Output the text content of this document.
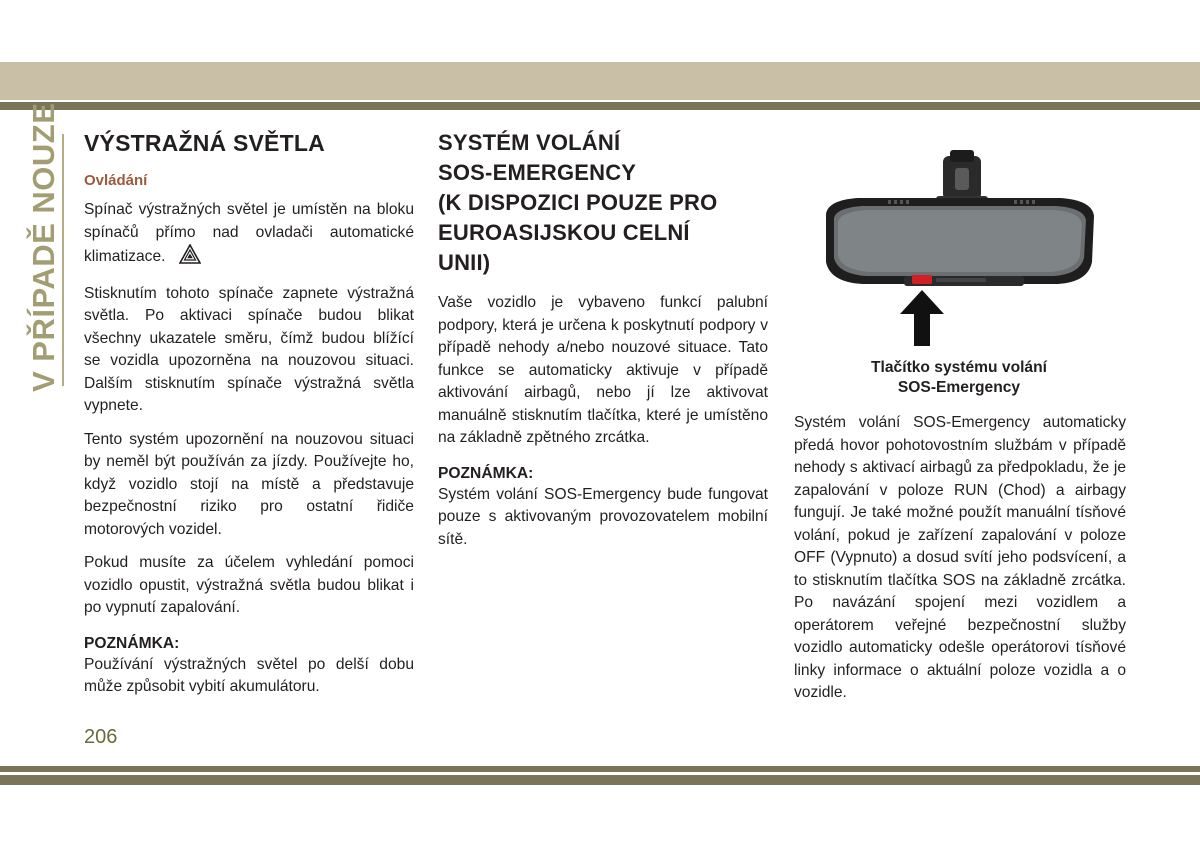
V PŘÍPADĚ NOUZE VÝSTRAŽNÁ SVĚTLA
Ovládání

Spínač výstražných světel je umístěn na bloku spínačů přímo nad ovladači automatické klimatizace.

Stisknutím tohoto spínače zapnete výstražná světla. Po aktivaci spínače budou blikat všechny ukazatele směru, čímž budou blížící se vozidla upozorněna na nouzovou situaci. Dalším stisknutím spínače výstražná světla vypnete.

Tento systém upozornění na nouzovou situaci by neměl být používán za jízdy. Používejte ho, když vozidlo stojí na místě a představuje bezpečnostní riziko pro ostatní řidiče motorových vozidel.

Pokud musíte za účelem vyhledání pomoci vozidlo opustit, výstražná světla budou blikat i po vypnutí zapalování.

POZNÁMKA:

Používání výstražných světel po delší dobu může způsobit vybití akumulátoru.

SYSTÉM VOLÁNÍ
SOS-EMERGENCY
(K DISPOZICI POUZE PRO
EUROASIJSKOU CELNÍ
UNII)

Vaše vozidlo je vybaveno funkcí palubní podpory, která je určena k poskytnutí podpory v případě nehody a/nebo nouzové situace. Tato funkce se automaticky aktivuje v případě aktivování airbagů, nebo jí lze aktivovat manuálně stisknutím tlačítka, které je umístěno na základně zpětného zrcátka.

POZNÁMKA:

Systém volání SOS-Emergency bude fungovat pouze s aktivovaným provozovatelem mobilní sítě.

Tlačítko systému volání
SOS-Emergency

Systém volání SOS-Emergency automaticky předá hovor pohotovostním službám v případě nehody s aktivací airbagů za předpokladu, že je zapalování v poloze RUN (Chod) a airbagy fungují. Je také možné použít manuální tísňové volání, pokud je zařízení zapalování v poloze OFF (Vypnuto) a dosud svítí jeho podsvícení, a to stisknutím tlačítka SOS na základně zrcátka. Po navázání spojení mezi vozidlem a operátorem veřejné bezpečnostní služby vozidlo automaticky odešle operátorovi tísňové linky informace o aktuální poloze vozidla a o vozidle.

206
